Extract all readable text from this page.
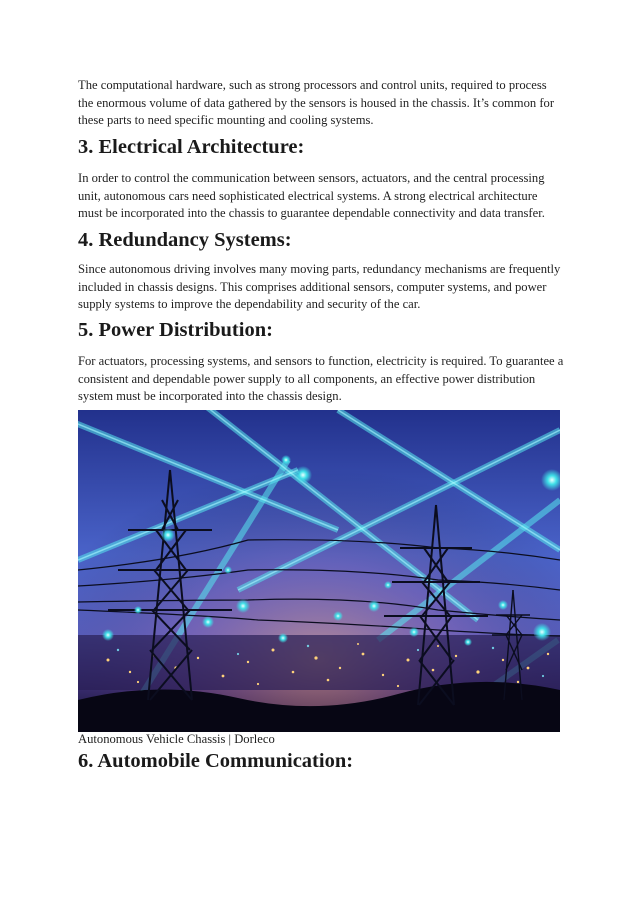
The computational hardware, such as strong processors and control units, required to process the enormous volume of data gathered by the sensors is housed in the chassis. It’s common for these parts to need specific mounting and cooling systems.

3. Electrical Architecture:

In order to control the communication between sensors, actuators, and the central processing unit, autonomous cars need sophisticated electrical systems. A strong electrical architecture must be incorporated into the chassis to guarantee dependable connectivity and data transfer.

4. Redundancy Systems:

Since autonomous driving involves many moving parts, redundancy mechanisms are frequently included in chassis designs. This comprises additional sensors, computer systems, and power supply systems to improve the dependability and security of the car.

5. Power Distribution:

For actuators, processing systems, and sensors to function, electricity is required. To guarantee a consistent and dependable power supply to all components, an effective power distribution system must be incorporated into the chassis design.

Autonomous Vehicle Chassis | Dorleco

6. Automobile Communication:
